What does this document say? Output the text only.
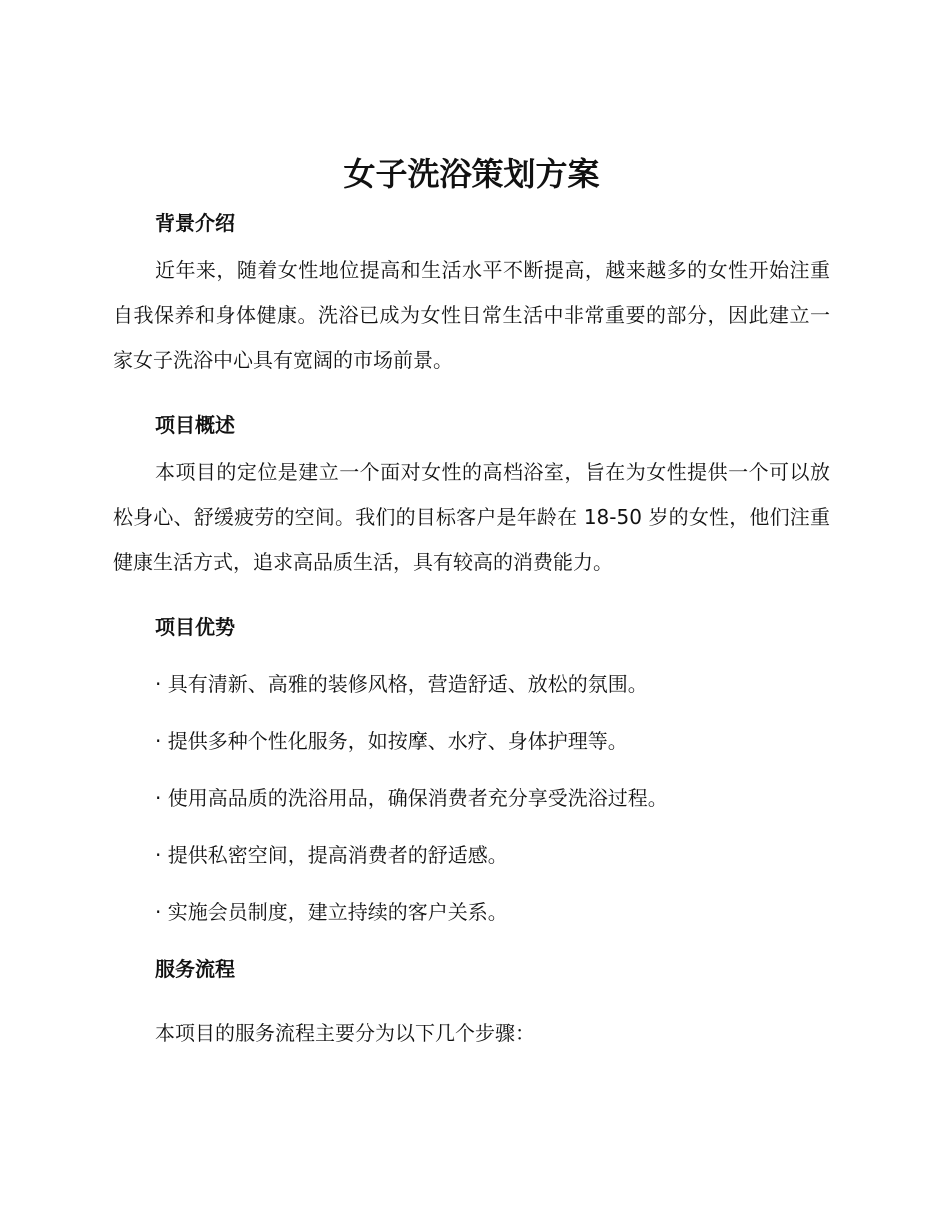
女子洗浴策划方案
背景介绍

近年来，随着女性地位提高和生活水平不断提高，越来越多的女性开始注重自我保养和身体健康。洗浴已成为女性日常生活中非常重要的部分，因此建立一家女子洗浴中心具有宽阔的市场前景。

项目概述

本项目的定位是建立一个面对女性的高档浴室，旨在为女性提供一个可以放松身心、舒缓疲劳的空间。我们的目标客户是年龄在 18-50 岁的女性，他们注重健康生活方式，追求高品质生活，具有较高的消费能力。

项目优势
· 具有清新、高雅的装修风格，营造舒适、放松的氛围。
· 提供多种个性化服务，如按摩、水疗、身体护理等。
· 使用高品质的洗浴用品，确保消费者充分享受洗浴过程。
· 提供私密空间，提高消费者的舒适感。
· 实施会员制度，建立持续的客户关系。
服务流程

本项目的服务流程主要分为以下几个步骤：
